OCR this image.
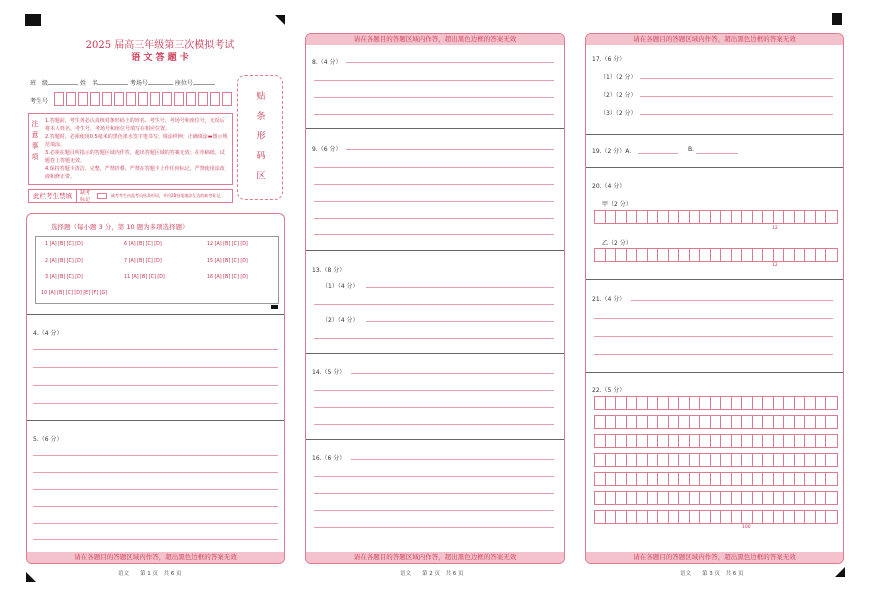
2025 届高三年级第三次模拟考试
语 文 答 题 卡
班　级	姓　名	考场号	座位号
考生号
注意事项	1.答题前，考生务必认真核对条形码上的姓名、考生号、考场号和座位号，无误后将本人姓名、考生号、考场号和座位号填写在相应位置。
2.答题时，必须使用0.5毫米的黑色墨水签字笔书写；填涂样例：正确填涂▬图示规范填涂。
3.必须在题目所指示的答题区域内作答，超出答题区域的答案无效；在草稿纸、试题卷上答题无效。
4.保持答题卡清洁、完整，严禁折叠，严禁在答题卡上作任何标记，严禁使用涂改液和修正带。	贴 条 形 码 区
此栏考生禁填	缺考标记
缺考考生由监考员贴条形码，并用2B铅笔填涂左边的缺考标记。
选择题（每小题 3 分，第 10 题为多项选择题）
1 [A] [B] [C] [D]	6 [A] [B] [C] [D]	12 [A] [B] [C] [D]
2 [A] [B] [C] [D]	7 [A] [B] [C] [D]	15 [A] [B] [C] [D]
3 [A] [B] [C] [D]	11 [A] [B] [C] [D]	16 [A] [B] [C] [D]
10 [A] [B] [C] [D] [E] [F] [G]
4.（4 分）
5.（6 分）
请在各题目的答题区域内作答，超出黑色边框的答案无效
语文　　第 1 页　共 6 页
请在各题目的答题区域内作答，超出黑色边框的答案无效
8.（4 分）
9.（6 分）
13.（8 分）
（1）（4 分）
（2）（4 分）
14.（5 分）
16.（6 分）
请在各题目的答题区域内作答，超出黑色边框的答案无效
语文　　第 2 页　共 6 页
请在各题目的答题区域内作答，超出黑色边框的答案无效
17.（6 分）
（1）（2 分）
（2）（2 分）
（3）（2 分）
19.（2 分）A.	B.
20.（4 分）
甲（2 分）
12
乙（2 分）
12
21.（4 分）
22.（5 分）
100
请在各题目的答题区域内作答，超出黑色边框的答案无效
语文　　第 3 页　共 6 页
